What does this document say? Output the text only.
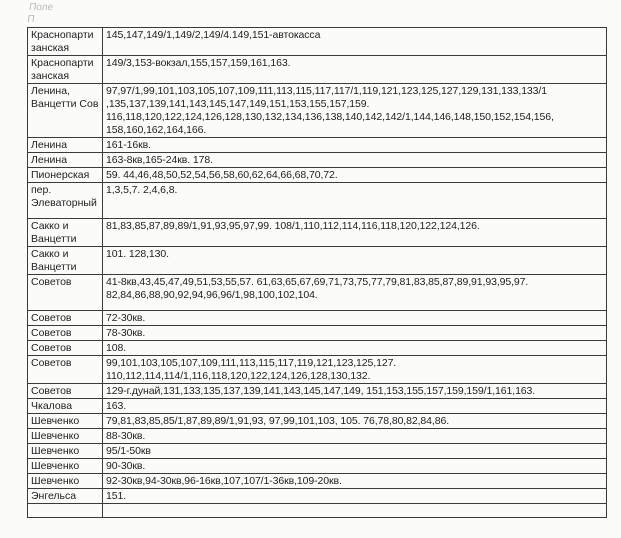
Поле
П
Краснопарти занская	145,147,149/1,149/2,149/4.149,151-автокасса
Краснопарти занская	149/3,153-вокзал,155,157,159,161,163.
Ленина, Ванцетти Сов	97,97/1,99,101,103,105,107,109,111,113,115,117,117/1,119,121,123,125,127,129,131,133,133/1 ,135,137,139,141,143,145,147,149,151,153,155,157,159. 116,118,120,122,124,126,128,130,132,134,136,138,140,142,142/1,144,146,148,150,152,154,156, 158,160,162,164,166.
Ленина	161-16кв.
Ленина	163-8кв,165-24кв. 178.
Пионерская	59. 44,46,48,50,52,54,56,58,60,62,64,66,68,70,72.
пер. Элеваторный	1,3,5,7. 2,4,6,8.
Сакко и Ванцетти	81,83,85,87,89,89/1,91,93,95,97,99. 108/1,110,112,114,116,118,120,122,124,126.
Сакко и Ванцетти	101. 128,130.
Советов	41-8кв,43,45,47,49,51,53,55,57. 61,63,65,67,69,71,73,75,77,79,81,83,85,87,89,91,93,95,97. 82,84,86,88,90,92,94,96,96/1,98,100,102,104.
Советов	72-30кв.
Советов	78-30кв.
Советов	108.
Советов	99,101,103,105,107,109,111,113,115,117,119,121,123,125,127. 110,112,114,114/1,116,118,120,122,124,126,128,130,132.
Советов	129-г.дунай,131,133,135,137,139,141,143,145,147,149, 151,153,155,157,159,159/1,161,163.
Чкалова	163.
Шевченко	79,81,83,85,85/1,87,89,89/1,91,93, 97,99,101,103, 105. 76,78,80,82,84,86.
Шевченко	88-30кв.
Шевченко	95/1-50кв
Шевченко	90-30кв.
Шевченко	92-30кв,94-30кв,96-16кв,107,107/1-36кв,109-20кв.
Энгельса	151.
